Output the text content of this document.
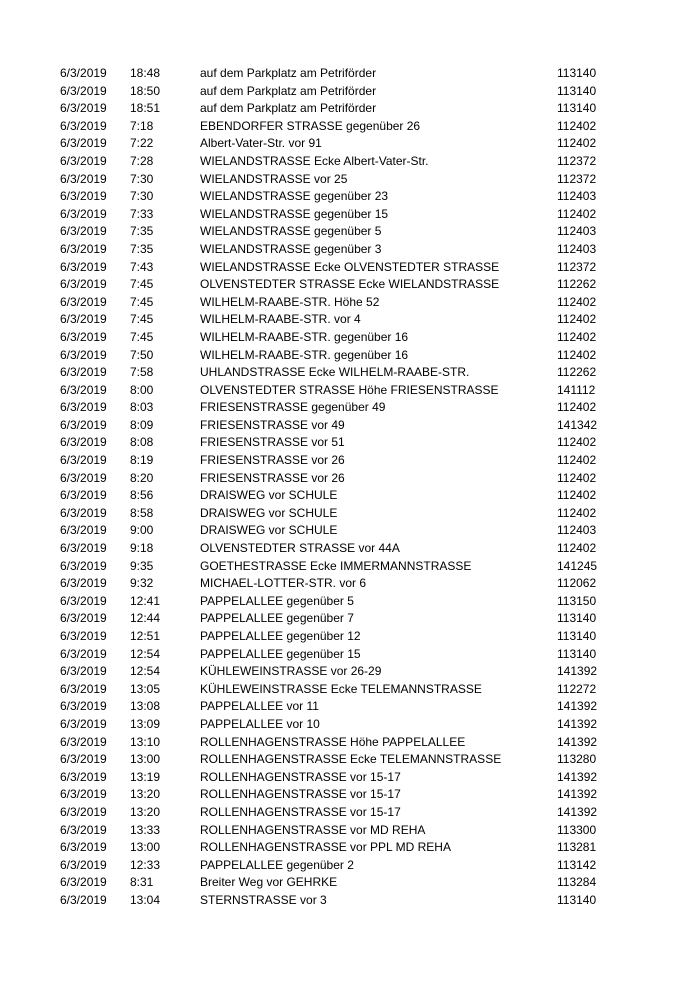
6/3/2019	18:48	auf dem Parkplatz am Petriförder	113140
6/3/2019	18:50	auf dem Parkplatz am Petriförder	113140
6/3/2019	18:51	auf dem Parkplatz am Petriförder	113140
6/3/2019	7:18	EBENDORFER STRASSE gegenüber 26	112402
6/3/2019	7:22	Albert-Vater-Str. vor 91	112402
6/3/2019	7:28	WIELANDSTRASSE Ecke Albert-Vater-Str.	112372
6/3/2019	7:30	WIELANDSTRASSE vor 25	112372
6/3/2019	7:30	WIELANDSTRASSE gegenüber 23	112403
6/3/2019	7:33	WIELANDSTRASSE gegenüber 15	112402
6/3/2019	7:35	WIELANDSTRASSE gegenüber 5	112403
6/3/2019	7:35	WIELANDSTRASSE gegenüber 3	112403
6/3/2019	7:43	WIELANDSTRASSE Ecke OLVENSTEDTER STRASSE	112372
6/3/2019	7:45	OLVENSTEDTER STRASSE Ecke WIELANDSTRASSE	112262
6/3/2019	7:45	WILHELM-RAABE-STR. Höhe 52	112402
6/3/2019	7:45	WILHELM-RAABE-STR. vor 4	112402
6/3/2019	7:45	WILHELM-RAABE-STR. gegenüber 16	112402
6/3/2019	7:50	WILHELM-RAABE-STR. gegenüber 16	112402
6/3/2019	7:58	UHLANDSTRASSE Ecke WILHELM-RAABE-STR.	112262
6/3/2019	8:00	OLVENSTEDTER STRASSE Höhe FRIESENSTRASSE	141112
6/3/2019	8:03	FRIESENSTRASSE gegenüber 49	112402
6/3/2019	8:09	FRIESENSTRASSE vor 49	141342
6/3/2019	8:08	FRIESENSTRASSE vor 51	112402
6/3/2019	8:19	FRIESENSTRASSE vor 26	112402
6/3/2019	8:20	FRIESENSTRASSE vor 26	112402
6/3/2019	8:56	DRAISWEG vor SCHULE	112402
6/3/2019	8:58	DRAISWEG vor SCHULE	112402
6/3/2019	9:00	DRAISWEG vor SCHULE	112403
6/3/2019	9:18	OLVENSTEDTER STRASSE vor 44A	112402
6/3/2019	9:35	GOETHESTRASSE Ecke IMMERMANNSTRASSE	141245
6/3/2019	9:32	MICHAEL-LOTTER-STR. vor 6	112062
6/3/2019	12:41	PAPPELALLEE gegenüber 5	113150
6/3/2019	12:44	PAPPELALLEE gegenüber 7	113140
6/3/2019	12:51	PAPPELALLEE gegenüber 12	113140
6/3/2019	12:54	PAPPELALLEE gegenüber 15	113140
6/3/2019	12:54	KÜHLEWEINSTRASSE vor 26-29	141392
6/3/2019	13:05	KÜHLEWEINSTRASSE Ecke TELEMANNSTRASSE	112272
6/3/2019	13:08	PAPPELALLEE vor 11	141392
6/3/2019	13:09	PAPPELALLEE vor 10	141392
6/3/2019	13:10	ROLLENHAGENSTRASSE Höhe PAPPELALLEE	141392
6/3/2019	13:00	ROLLENHAGENSTRASSE Ecke TELEMANNSTRASSE	113280
6/3/2019	13:19	ROLLENHAGENSTRASSE vor 15-17	141392
6/3/2019	13:20	ROLLENHAGENSTRASSE vor 15-17	141392
6/3/2019	13:20	ROLLENHAGENSTRASSE vor 15-17	141392
6/3/2019	13:33	ROLLENHAGENSTRASSE vor MD REHA	113300
6/3/2019	13:00	ROLLENHAGENSTRASSE vor PPL MD REHA	113281
6/3/2019	12:33	PAPPELALLEE gegenüber 2	113142
6/3/2019	8:31	Breiter Weg vor GEHRKE	113284
6/3/2019	13:04	STERNSTRASSE vor 3	113140
